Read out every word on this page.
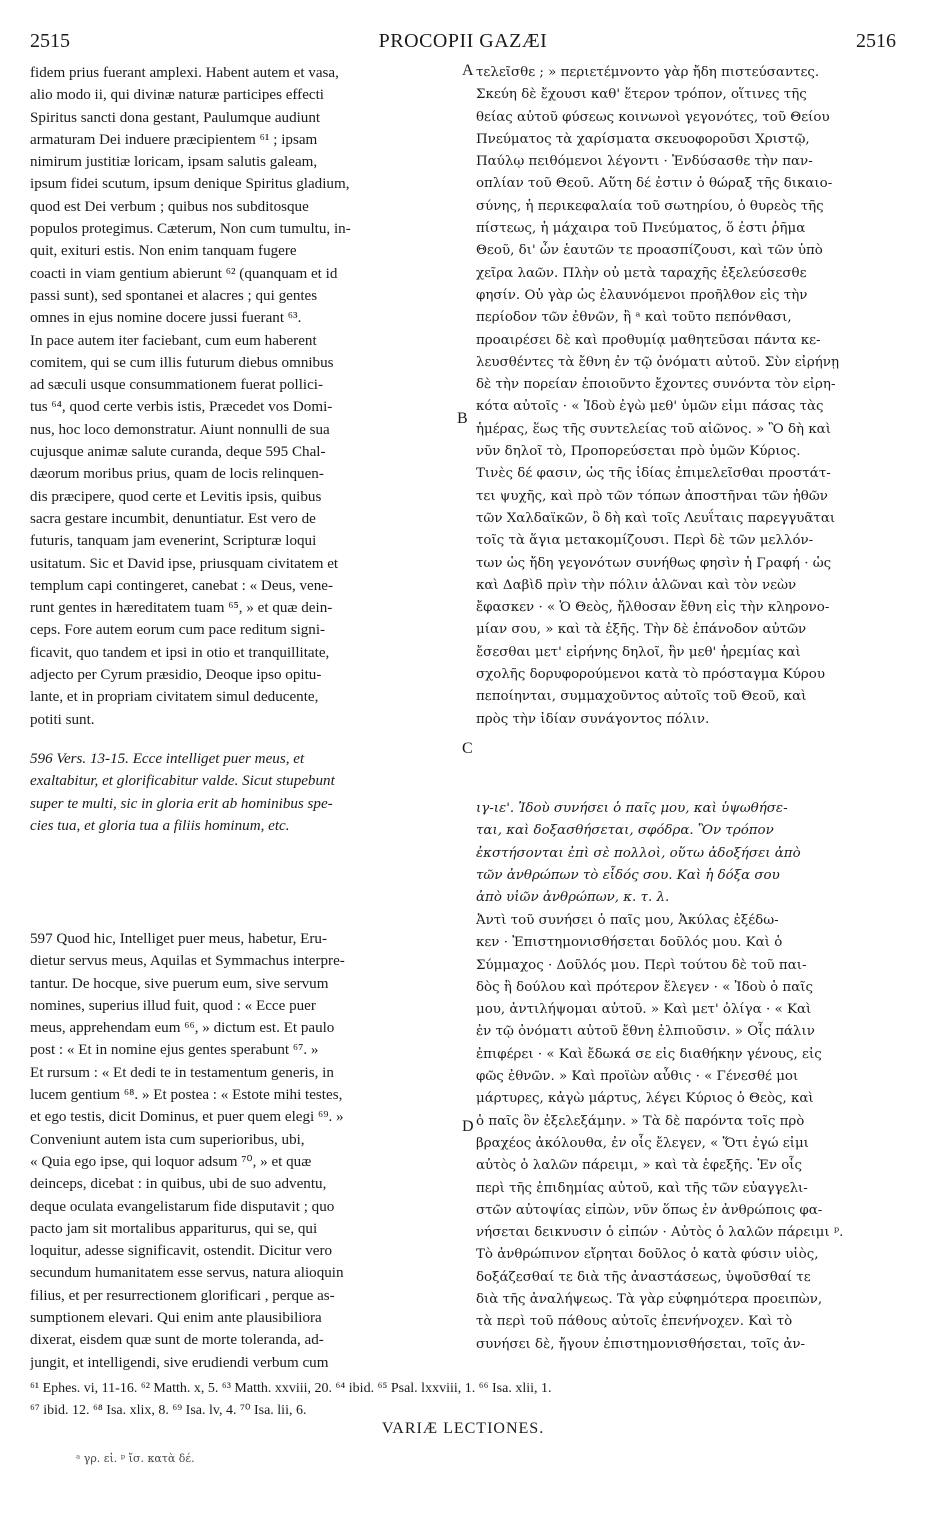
2515	PROCOPII GAZÆI	2516
fidem prius fuerant amplexi. Habent autem et vasa,
alio modo ii, qui divinæ naturæ participes effecti
Spiritus sancti dona gestant, Paulumque audiunt
armaturam Dei induere præcipientem ⁶¹ ; ipsam
nimirum justitiæ loricam, ipsam salutis galeam,
ipsum fidei scutum, ipsum denique Spiritus gladium,
quod est Dei verbum ; quibus nos subditosque
populos protegimus. Cæterum, Non cum tumultu, in-
quit, exituri estis. Non enim tanquam fugere
coacti in viam gentium abierunt ⁶² (quanquam et id
passi sunt), sed spontanei et alacres ; qui gentes
omnes in ejus nomine docere jussi fuerant ⁶³.
In pace autem iter faciebant, cum eum haberent
comitem, qui se cum illis futurum diebus omnibus
ad sæculi usque consummationem fuerat pollici-
tus ⁶⁴, quod certe verbis istis, Præcedet vos Domi-
nus, hoc loco demonstratur. Aiunt nonnulli de sua
cujusque animæ salute curanda, deque 595 Chal-
dæorum moribus prius, quam de locis relinquen-
dis præcipere, quod certe et Levitis ipsis, quibus
sacra gestare incumbit, denuntiatur. Est vero de
futuris, tanquam jam evenerint, Scripturæ loqui
usitatum. Sic et David ipse, priusquam civitatem et
templum capi contingeret, canebat : « Deus, vene-
runt gentes in hæreditatem tuam ⁶⁵, » et quæ dein-
ceps. Fore autem eorum cum pace reditum signi-
ficavit, quo tandem et ipsi in otio et tranquillitate,
adjecto per Cyrum præsidio, Deoque ipso opitu-
lante, et in propriam civitatem simul deducente,
potiti sunt.
596 Vers. 13-15. Ecce intelliget puer meus, et
exaltabitur, et glorificabitur valde. Sicut stupebunt
super te multi, sic in gloria erit ab hominibus spe-
cies tua, et gloria tua a filiis hominum, etc.
597 Quod hic, Intelliget puer meus, habetur, Eru-
dietur servus meus, Aquilas et Symmachus interpre-
tantur. De hocque, sive puerum eum, sive servum
nomines, superius illud fuit, quod : « Ecce puer
meus, apprehendam eum ⁶⁶, » dictum est. Et paulo
post : « Et in nomine ejus gentes sperabunt ⁶⁷. »
Et rursum : « Et dedi te in testamentum generis, in
lucem gentium ⁶⁸. » Et postea : « Estote mihi testes,
et ego testis, dicit Dominus, et puer quem elegi ⁶⁹. »
Conveniunt autem ista cum superioribus, ubi,
« Quia ego ipse, qui loquor adsum ⁷⁰, » et quæ
deinceps, dicebat : in quibus, ubi de suo adventu,
deque oculata evangelistarum fide disputavit ; quo
pacto jam sit mortalibus appariturus, qui se, qui
loquitur, adesse significavit, ostendit. Dicitur vero
secundum humanitatem esse servus, natura alioquin
filius, et per resurrectionem glorificari , perque as-
sumptionem elevari. Qui enim ante plausibiliora
dixerat, eisdem quæ sunt de morte toleranda, ad-
jungit, et intelligendi, sive erudiendi verbum cum
τελεῖσθε ; » περιετέμνοντο γὰρ ἤδη πιστεύσαντες.
Σκεύη δὲ ἔχουσι καθ' ἕτερον τρόπον, οἵτινες τῆς
θείας αὐτοῦ φύσεως κοινωνοὶ γεγονότες, τοῦ Θείου
Πνεύματος τὰ χαρίσματα σκευοφοροῦσι Χριστῷ,
Παύλῳ πειθόμενοι λέγοντι · Ἐνδύσασθε τὴν παν-
οπλίαν τοῦ Θεοῦ. Αὕτη δέ ἐστιν ὁ θώραξ τῆς δικαιο-
σύνης, ἡ περικεφαλαία τοῦ σωτηρίου, ὁ θυρεὸς τῆς
πίστεως, ἡ μάχαιρα τοῦ Πνεύματος, ὅ ἐστι ῥῆμα
Θεοῦ, δι' ὧν ἑαυτῶν τε προασπίζουσι, καὶ τῶν ὑπὸ
χεῖρα λαῶν. Πλὴν οὐ μετὰ ταραχῆς ἐξελεύσεσθε
φησίν. Οὐ γὰρ ὡς ἐλαυνόμενοι προῆλθον εἰς τὴν
περίοδον τῶν ἐθνῶν, ἢ ᵃ καὶ τοῦτο πεπόνθασι,
προαιρέσει δὲ καὶ προθυμίᾳ μαθητεῦσαι πάντα κε-
λευσθέντες τὰ ἔθνη ἐν τῷ ὀνόματι αὐτοῦ. Σὺν εἰρήνῃ
δὲ τὴν πορείαν ἐποιοῦντο ἔχοντες συνόντα τὸν εἰρη-
κότα αὐτοῖς · « Ἰδοὺ ἐγὼ μεθ' ὑμῶν εἰμι πάσας τὰς
ἡμέρας, ἕως τῆς συντελείας τοῦ αἰῶνος. » Ὃ δὴ καὶ
νῦν δηλοῖ τὸ, Προπορεύσεται πρὸ ὑμῶν Κύριος.
Τινὲς δέ φασιν, ὡς τῆς ἰδίας ἐπιμελεῖσθαι προστάτ-
τει ψυχῆς, καὶ πρὸ τῶν τόπων ἀποστῆναι τῶν ἠθῶν
τῶν Χαλδαϊκῶν, ὃ δὴ καὶ τοῖς Λευΐταις παρεγγυᾶται
τοῖς τὰ ἅγια μετακομίζουσι. Περὶ δὲ τῶν μελλόν-
των ὡς ἤδη γεγονότων συνήθως φησὶν ἡ Γραφή · ὡς
καὶ Δαβὶδ πρὶν τὴν πόλιν ἁλῶναι καὶ τὸν νεὼν
ἔφασκεν · « Ὁ Θεὸς, ἤλθοσαν ἔθνη εἰς τὴν κληρονο-
μίαν σου, » καὶ τὰ ἑξῆς. Τὴν δὲ ἐπάνοδον αὐτῶν
ἔσεσθαι μετ' εἰρήνης δηλοῖ, ἣν μεθ' ἡρεμίας καὶ
σχολῆς δορυφορούμενοι κατὰ τὸ πρόσταγμα Κύρου
πεποίηνται, συμμαχοῦντος αὐτοῖς τοῦ Θεοῦ, καὶ
πρὸς τὴν ἰδίαν συνάγοντος πόλιν.
ιγ-ιε'. Ἰδοὺ συνήσει ὁ παῖς μου, καὶ ὑψωθήσε-
ται, καὶ δοξασθήσεται, σφόδρα. Ὃν τρόπον
ἐκστήσονται ἐπὶ σὲ πολλοὶ, οὕτω ἀδοξήσει ἀπὸ
τῶν ἀνθρώπων τὸ εἶδός σου. Καὶ ἡ δόξα σου
ἀπὸ υἱῶν ἀνθρώπων, κ. τ. λ.
Ἀντὶ τοῦ συνήσει ὁ παῖς μου, Ἀκύλας ἐξέδω-
κεν · Ἐπιστημονισθήσεται δοῦλός μου. Καὶ ὁ
Σύμμαχος · Δοῦλός μου. Περὶ τούτου δὲ τοῦ παι-
δὸς ἢ δούλου καὶ πρότερον ἔλεγεν · « Ἰδοὺ ὁ παῖς
μου, ἀντιλήψομαι αὐτοῦ. » Καὶ μετ' ὀλίγα · « Καὶ
ἐν τῷ ὀνόματι αὐτοῦ ἔθνη ἐλπιοῦσιν. » Οἷς πάλιν
ἐπιφέρει · « Καὶ ἔδωκά σε εἰς διαθήκην γένους, εἰς
φῶς ἐθνῶν. » Καὶ προϊὼν αὖθις · « Γένεσθέ μοι
μάρτυρες, κἀγὼ μάρτυς, λέγει Κύριος ὁ Θεὸς, καὶ
ὁ παῖς ὃν ἐξελεξάμην. » Τὰ δὲ παρόντα τοῖς πρὸ
βραχέος ἀκόλουθα, ἐν οἷς ἔλεγεν, « Ὅτι ἐγώ εἰμι
αὐτὸς ὁ λαλῶν πάρειμι, » καὶ τὰ ἑφεξῆς. Ἐν οἷς
περὶ τῆς ἐπιδημίας αὐτοῦ, καὶ τῆς τῶν εὐαγγελι-
στῶν αὐτοψίας εἰπὼν, νῦν ὅπως ἐν ἀνθρώποις φα-
νήσεται δεικνυσιν ὁ εἰπών · Αὐτὸς ὁ λαλῶν πάρειμι ᵖ.
Τὸ ἀνθρώπινον εἴρηται δοῦλος ὁ κατὰ φύσιν υἱὸς,
δοξάζεσθαί τε διὰ τῆς ἀναστάσεως, ὑψοῦσθαί τε
διὰ τῆς ἀναλήψεως. Τὰ γὰρ εὐφημότερα προειπὼν,
τὰ περὶ τοῦ πάθους αὐτοῖς ἐπενήνοχεν. Καὶ τὸ
συνήσει δὲ, ἤγουν ἐπιστημονισθήσεται, τοῖς ἀν-
A
B
C
D
⁶¹ Ephes. vi, 11-16. ⁶² Matth. x, 5. ⁶³ Matth. xxviii, 20. ⁶⁴ ibid. ⁶⁵ Psal. lxxviii, 1. ⁶⁶ Isa. xlii, 1.
⁶⁷ ibid. 12. ⁶⁸ Isa. xlix, 8. ⁶⁹ Isa. lv, 4. ⁷⁰ Isa. lii, 6.
VARIÆ LECTIONES.
ᵃ γρ. εἰ. ᵖ ἴσ. κατὰ δέ.
